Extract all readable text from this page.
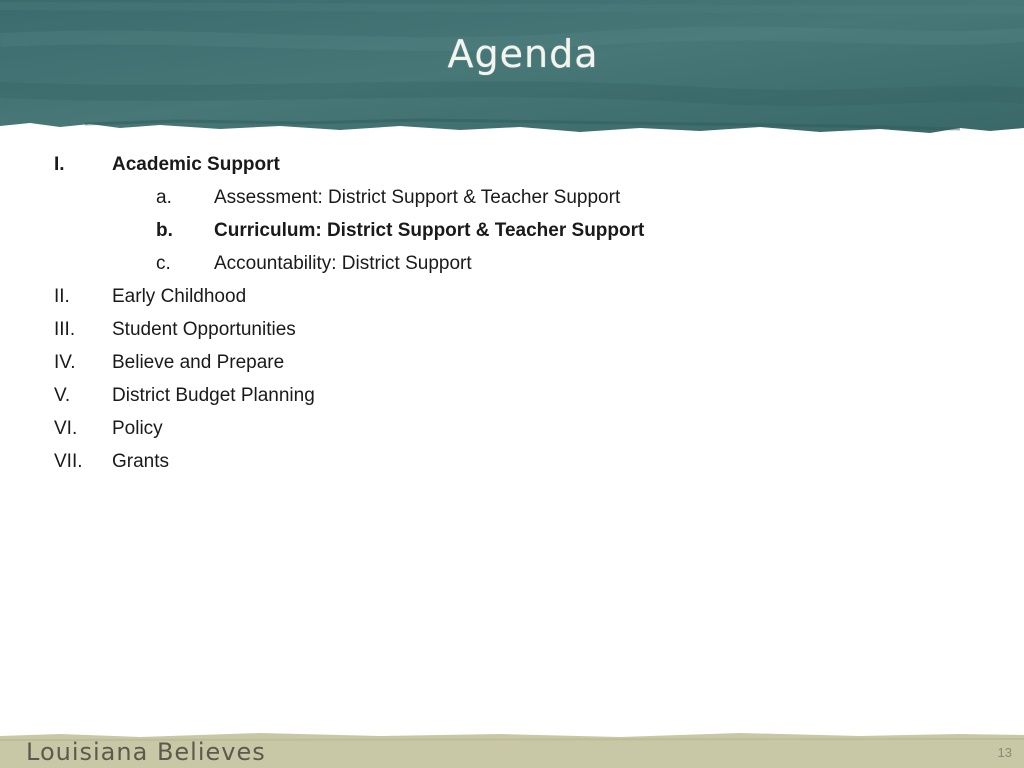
Agenda
I. Academic Support
a. Assessment: District Support & Teacher Support
b. Curriculum: District Support & Teacher Support
c. Accountability: District Support
II. Early Childhood
III. Student Opportunities
IV. Believe and Prepare
V. District Budget Planning
VI. Policy
VII. Grants
Louisiana Believes	13
